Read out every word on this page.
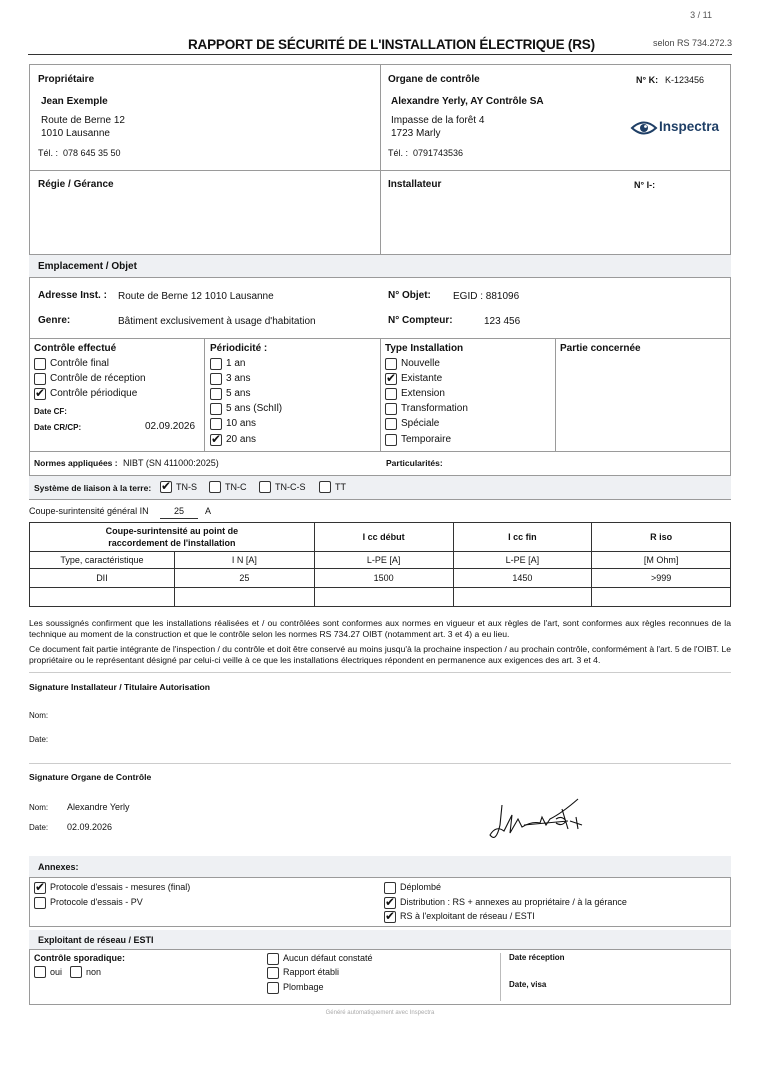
3 / 11
RAPPORT DE SÉCURITÉ DE L'INSTALLATION ÉLECTRIQUE (RS)	selon RS 734.272.3
Propriétaire
Jean Exemple
Route de Berne 12
1010 Lausanne
Tél. : 078 645 35 50
Organe de contrôle	N° K: K-123456
Alexandre Yerly, AY Contrôle SA
Impasse de la forêt 4
1723 Marly
Tél. : 0791743536
Inspectra
Régie / Gérance	Installateur	N° I-:
Emplacement / Objet
Adresse Inst. : Route de Berne 12 1010 Lausanne	N° Objet: EGID : 881096
Genre:	Bâtiment exclusivement à usage d'habitation	N° Compteur:	123 456
Contrôle effectué
Contrôle final
Contrôle de réception
✔
Contrôle périodique
Date CF:
Date CR/CP:	02.09.2026
Périodicité :
1 an
3 ans
5 ans
5 ans (SchIl)
10 ans
✔
20 ans
Type Installation
Nouvelle
✔
Existante
Extension
Transformation
Spéciale
Temporaire
Partie concernée
Normes appliquées : NIBT (SN 411000:2025)	Particularités:
Système de liaison à la terre: ✔	TN-S	TN-C	TN-C-S	TT
Coupe-surintensité général IN	25	A
Coupe-surintensité au point de raccordement de l'installation		I cc début	I cc fin	R iso
Type, caractéristique	I N [A]	L-PE [A]	L-PE [A]	[M Ohm]
DII	25	1500	1450	>999

Les soussignés confirment que les installations réalisées et / ou contrôlées sont conformes aux normes en vigueur et aux règles de l'art, sont conformes aux règles reconnues de la technique au moment de la construction et que le contrôle selon les normes RS 734.27 OIBT (notamment art. 3 et 4) a eu lieu.
Ce document fait partie intégrante de l'inspection / du contrôle et doit être conservé au moins jusqu'à la prochaine inspection / au prochain contrôle, conformément à l'art. 5 de l'OIBT. Le propriétaire ou le représentant désigné par celui-ci veille à ce que les installations électriques répondent en permanence aux exigences des art. 3 et 4.
Signature Installateur / Titulaire Autorisation
Nom:
Date:
Signature Organe de Contrôle
Nom: Alexandre Yerly
Date: 02.09.2026
Annexes:
✔
Protocole d'essais - mesures (final)
Protocole d'essais - PV
Déplombé
✔
Distribution : RS + annexes au propriétaire / à la gérance
✔
RS à l'exploitant de réseau / ESTI
Exploitant de réseau / ESTI
Contrôle sporadique:
oui	non
Aucun défaut constaté
Rapport établi
Plombage
Date réception
Date, visa
Généré automatiquement avec Inspectra
